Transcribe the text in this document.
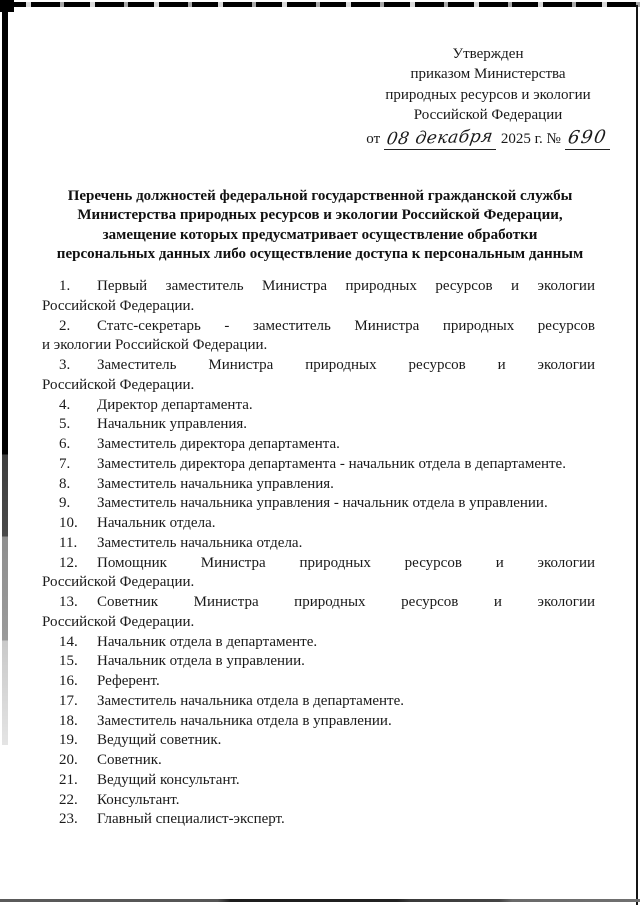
Утвержден
приказом Министерства
природных ресурсов и экологии
Российской Федерации
от 08 декабря 2025 г. № 690
Перечень должностей федеральной государственной гражданской службы
Министерства природных ресурсов и экологии Российской Федерации,
замещение которых предусматривает осуществление обработки
персональных данных либо осуществление доступа к персональным данным
1. Первый заместитель Министра природных ресурсов и экологии
Российской Федерации.
2. Статс-секретарь - заместитель Министра природных ресурсов
и экологии Российской Федерации.
3. Заместитель Министра природных ресурсов и экологии
Российской Федерации.
4. Директор департамента.
5. Начальник управления.
6. Заместитель директора департамента.
7. Заместитель директора департамента - начальник отдела в департаменте.
8. Заместитель начальника управления.
9. Заместитель начальника управления - начальник отдела в управлении.
10. Начальник отдела.
11. Заместитель начальника отдела.
12. Помощник Министра природных ресурсов и экологии
Российской Федерации.
13. Советник Министра природных ресурсов и экологии
Российской Федерации.
14. Начальник отдела в департаменте.
15. Начальник отдела в управлении.
16. Референт.
17. Заместитель начальника отдела в департаменте.
18. Заместитель начальника отдела в управлении.
19. Ведущий советник.
20. Советник.
21. Ведущий консультант.
22. Консультант.
23. Главный специалист-эксперт.
